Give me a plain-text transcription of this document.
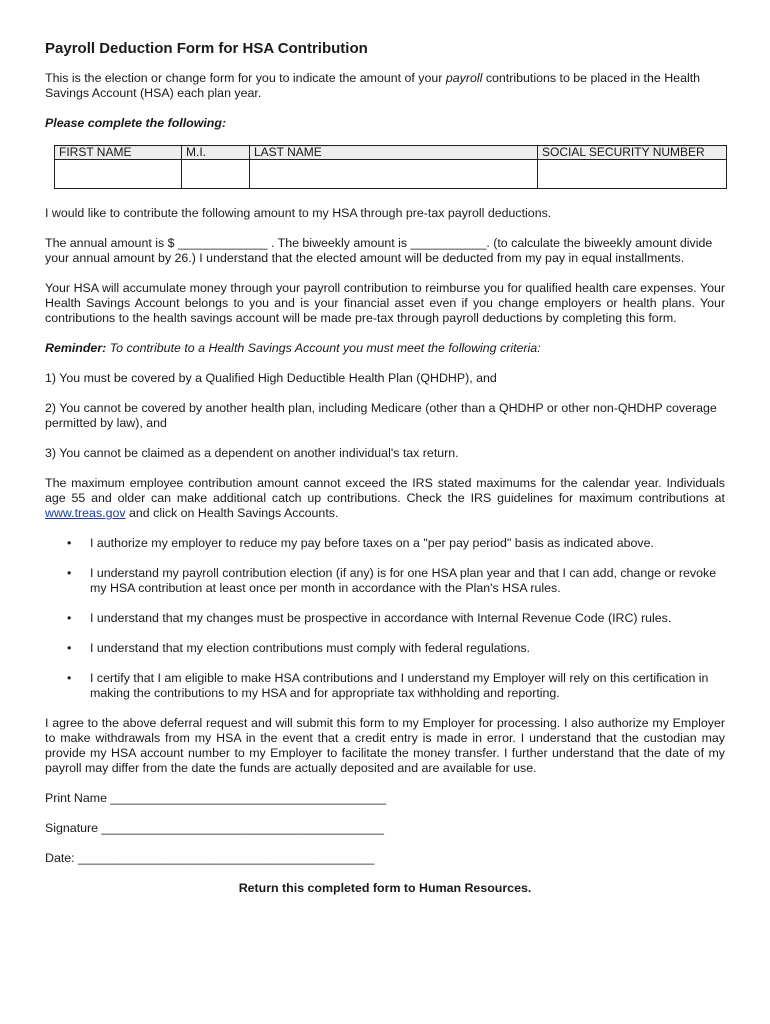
Payroll Deduction Form for HSA Contribution

This is the election or change form for you to indicate the amount of your payroll contributions to be placed in the Health Savings Account (HSA) each plan year.

Please complete the following:

FIRST NAME	M.I.	LAST NAME	SOCIAL SECURITY NUMBER

I would like to contribute the following amount to my HSA through pre-tax payroll deductions.

The annual amount is $ _____________ . The biweekly amount is ___________. (to calculate the biweekly amount divide your annual amount by 26.) I understand that the elected amount will be deducted from my pay in equal installments.

Your HSA will accumulate money through your payroll contribution to reimburse you for qualified health care expenses. Your Health Savings Account belongs to you and is your financial asset even if you change employers or health plans. Your contributions to the health savings account will be made pre-tax through payroll deductions by completing this form.

Reminder: To contribute to a Health Savings Account you must meet the following criteria:

1) You must be covered by a Qualified High Deductible Health Plan (QHDHP), and

2) You cannot be covered by another health plan, including Medicare (other than a QHDHP or other non-QHDHP coverage permitted by law), and

3) You cannot be claimed as a dependent on another individual's tax return.

The maximum employee contribution amount cannot exceed the IRS stated maximums for the calendar year. Individuals age 55 and older can make additional catch up contributions. Check the IRS guidelines for maximum contributions at www.treas.gov and click on Health Savings Accounts.

• I authorize my employer to reduce my pay before taxes on a "per pay period" basis as indicated above.
• I understand my payroll contribution election (if any) is for one HSA plan year and that I can add, change or revoke my HSA contribution at least once per month in accordance with the Plan's HSA rules.
• I understand that my changes must be prospective in accordance with Internal Revenue Code (IRC) rules.
• I understand that my election contributions must comply with federal regulations.
• I certify that I am eligible to make HSA contributions and I understand my Employer will rely on this certification in making the contributions to my HSA and for appropriate tax withholding and reporting.

I agree to the above deferral request and will submit this form to my Employer for processing. I also authorize my Employer to make withdrawals from my HSA in the event that a credit entry is made in error. I understand that the custodian may provide my HSA account number to my Employer to facilitate the money transfer. I further understand that the date of my payroll may differ from the date the funds are actually deposited and are available for use.

Print Name ________________________________________

Signature _________________________________________

Date: ___________________________________________

Return this completed form to Human Resources.
